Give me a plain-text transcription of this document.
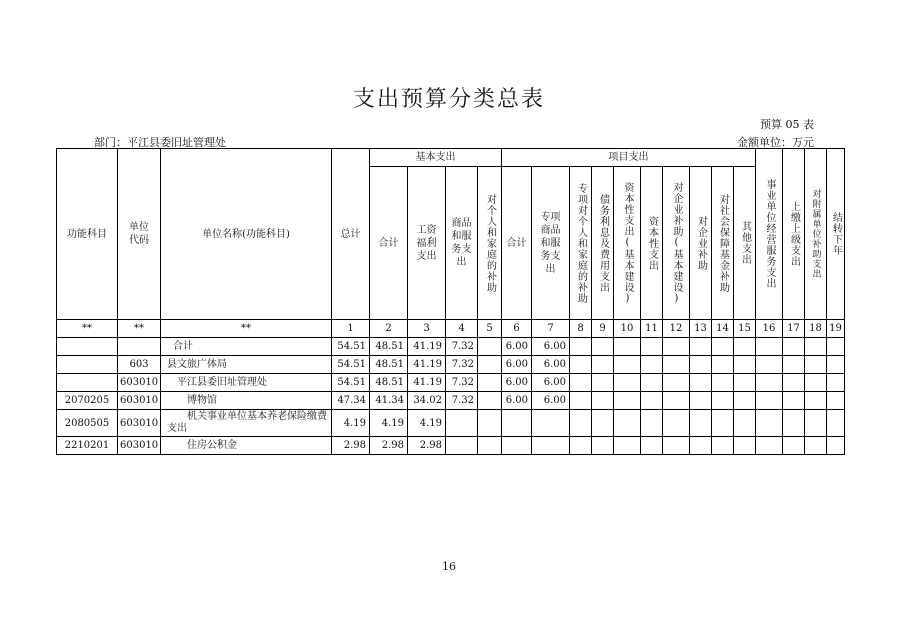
支出预算分类总表
预算 05 表
部门：平江县委旧址管理处	金额单位：万元
功能科目	单位代码	单位名称(功能科目)	总计	基本支出				项目支出										事业单位经营服务支出	上缴上级支出	对附属单位补助支出	结转下年

				合计	工资福利支出	商品和服务支出	对个人和家庭的补助	合计	专项商品和服务支出	专项对个人和家庭的补助	债务利息及费用支出	资本性支出(基本建设)	资本性支出	对企业补助(基本建设)	对企业补助	对社会保障基金补助	其他支出				

**	**	**	1	2	3	4	5	6	7	8	9	10	11	12	13	14	15	16	17	18	19
		合计	54.51	48.51	41.19	7.32		6.00	6.00												
	603	县文旅广体局	54.51	48.51	41.19	7.32		6.00	6.00												
	603010	平江县委旧址管理处	54.51	48.51	41.19	7.32		6.00	6.00												
2070205	603010	博物馆	47.34	41.34	34.02	7.32		6.00	6.00												
2080505	603010	机关事业单位基本养老保险缴费支出	4.19	4.19	4.19																
2210201	603010	住房公积金	2.98	2.98	2.98																
16
